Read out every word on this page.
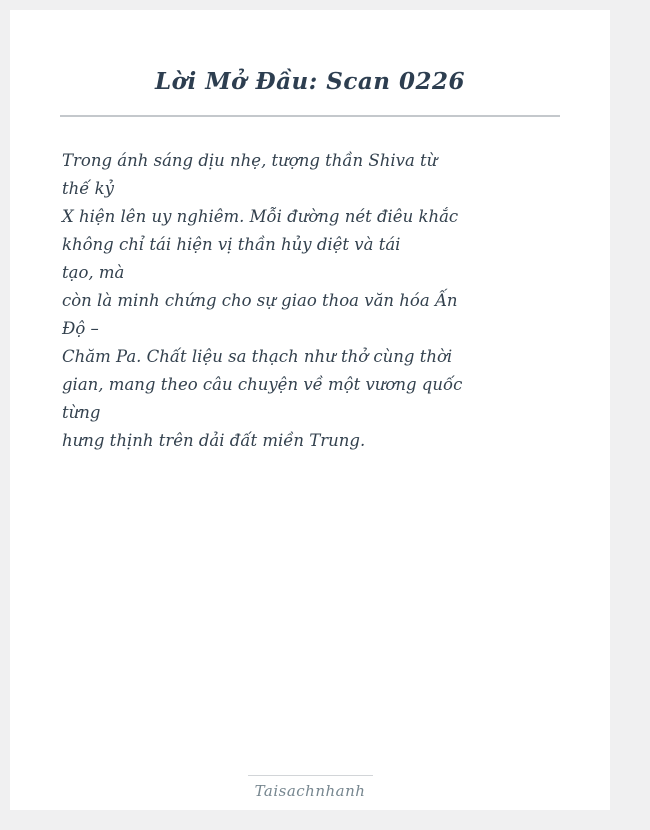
Lời Mở Đầu: Scan 0226
Trong ánh sáng dịu nhẹ, tượng thần Shiva từ
thế kỷ
X hiện lên uy nghiêm. Mỗi đường nét điêu khắc
không chỉ tái hiện vị thần hủy diệt và tái
tạo, mà
còn là minh chứng cho sự giao thoa văn hóa Ấn
Độ –
Chăm Pa. Chất liệu sa thạch như thở cùng thời
gian, mang theo câu chuyện về một vương quốc
từng
hưng thịnh trên dải đất miền Trung.
Taisachnhanh
